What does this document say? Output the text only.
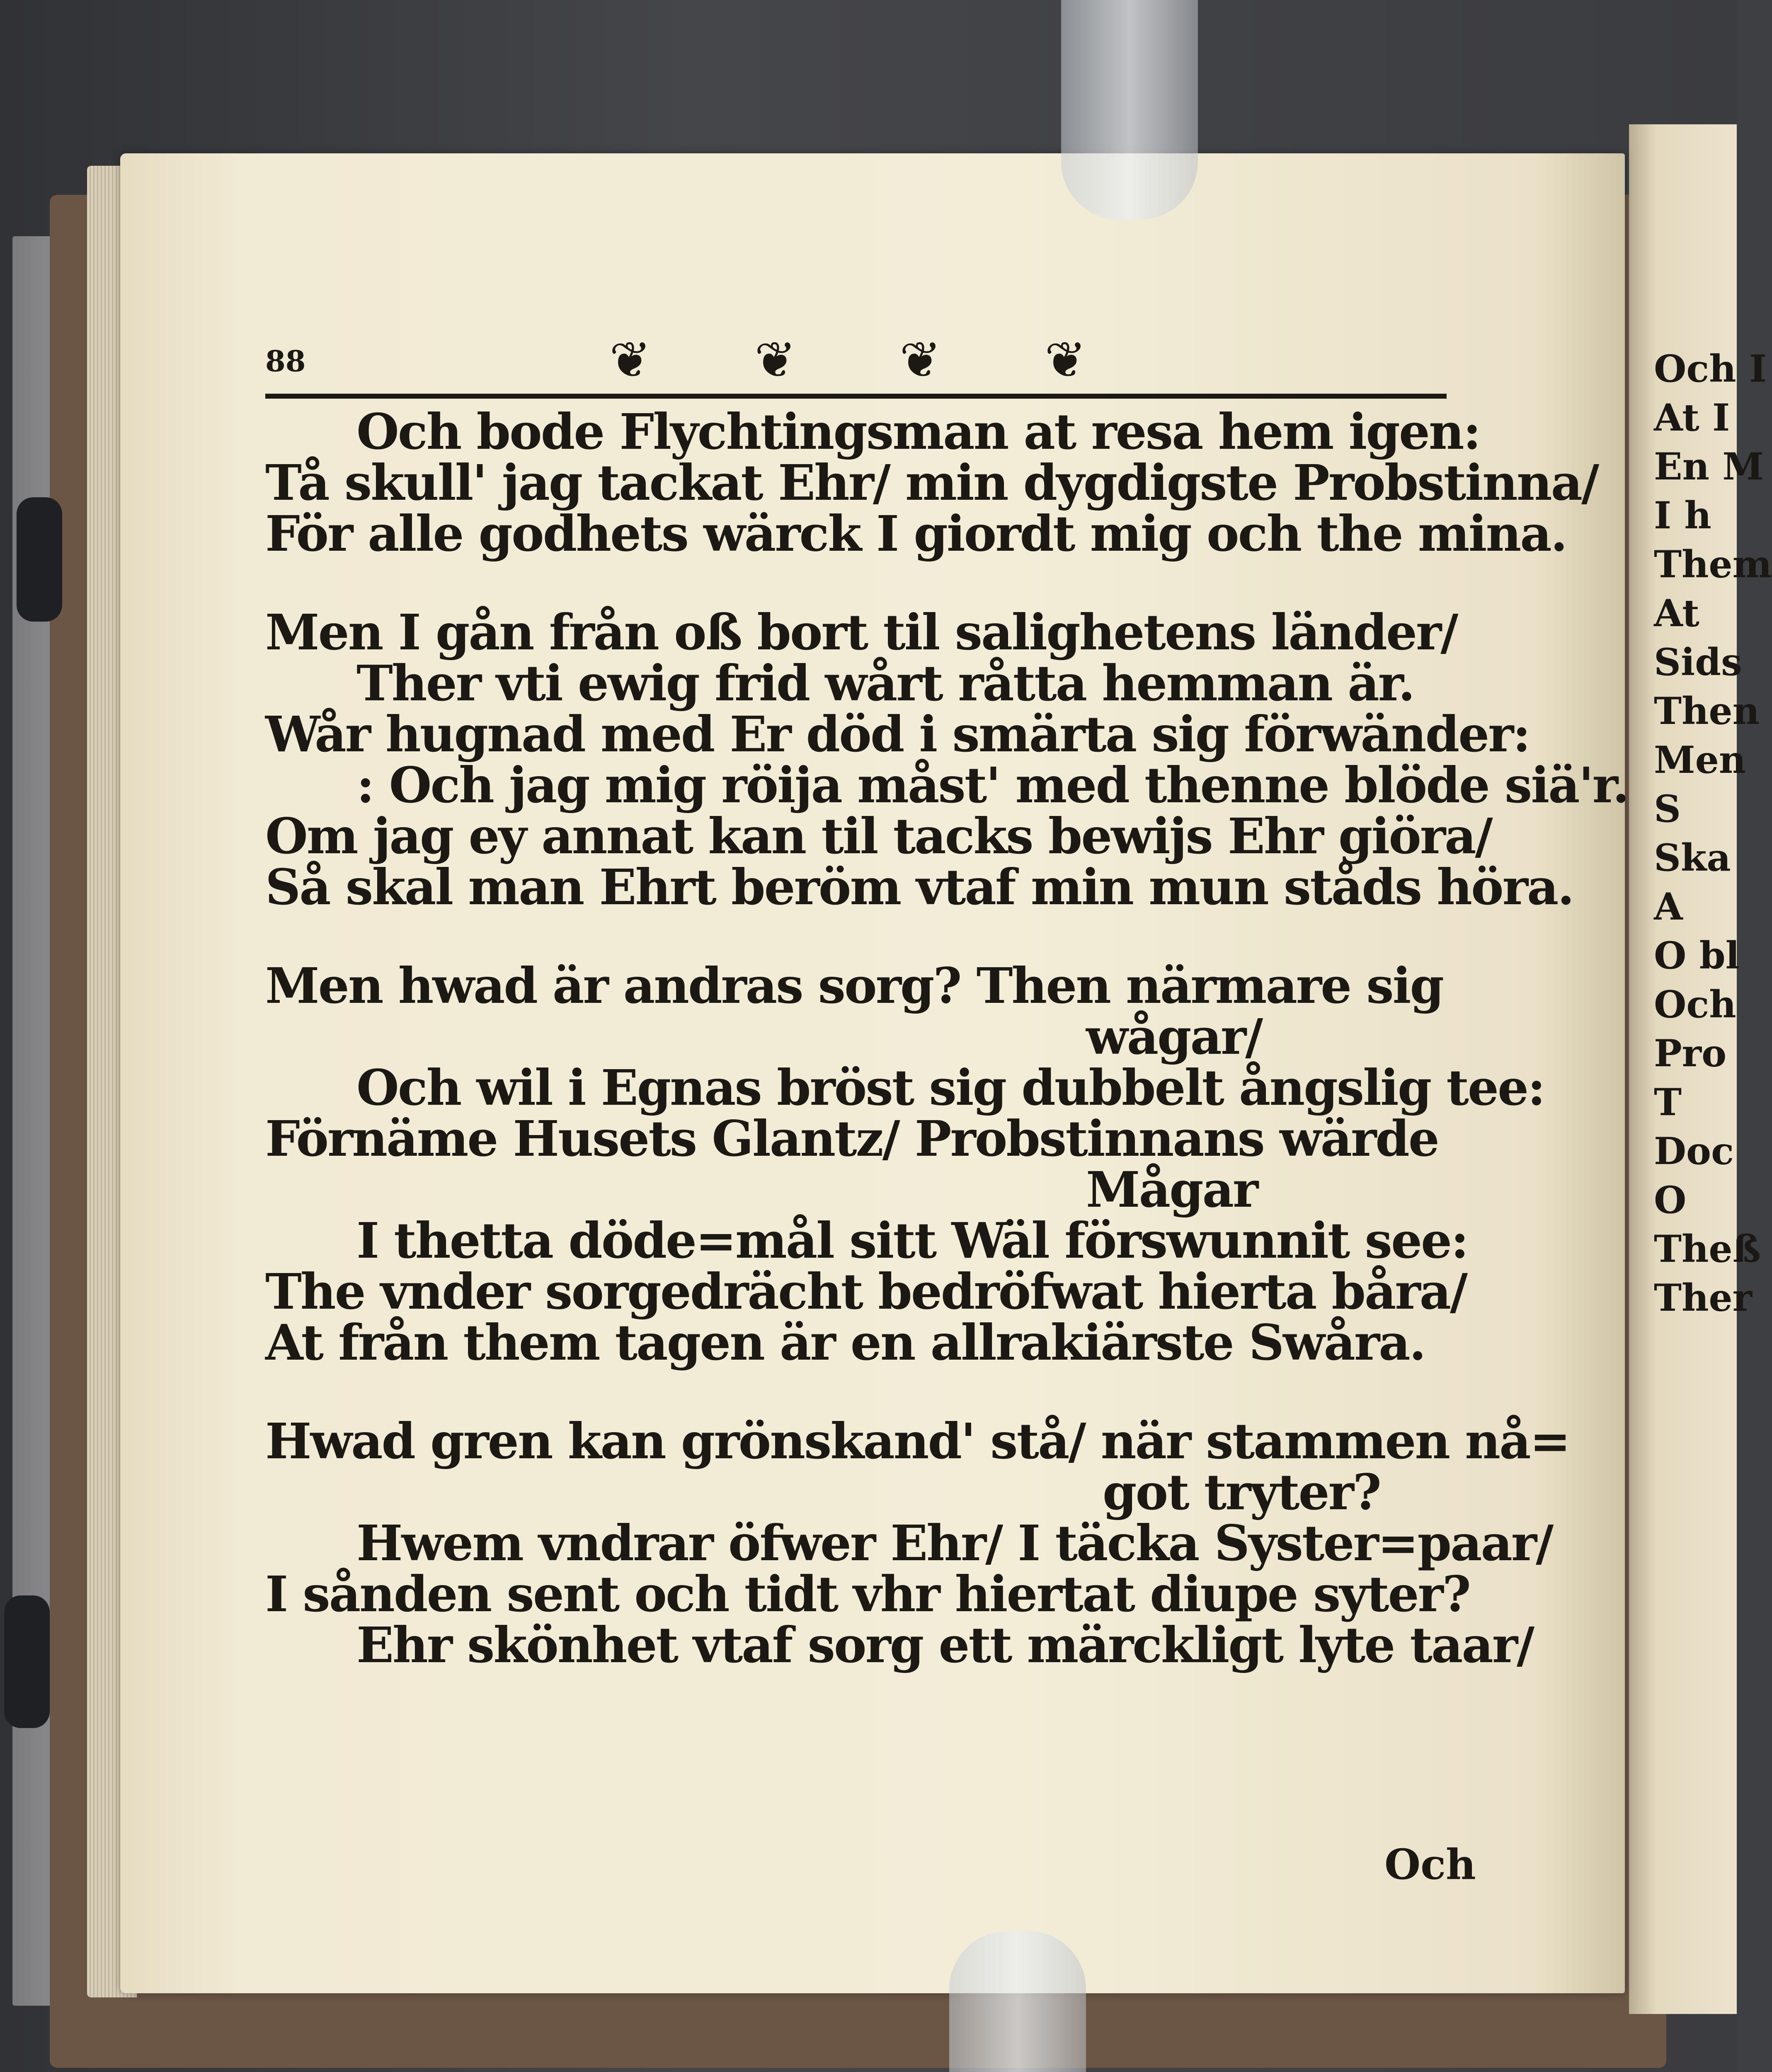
Och I
At I
En M
I h
Them
At
Sids
Then
Men
S
Ska
A
O bl
Och
Pro
T
Doc
O
Theß
Ther
88	❦ ❦ ❦ ❦
Och bode Flychtingsman at resa hem igen:
Tå skull' jag tackat Ehr/ min dygdigste Probstinna/
För alle godhets wärck I giordt mig och the mina.
Men I gån från oß bort til salighetens länder/
Ther vti ewig frid wårt råtta hemman är.
Wår hugnad med Er död i smärta sig förwänder:
: Och jag mig röija måst' med thenne blöde siä'r.
Om jag ey annat kan til tacks bewijs Ehr giöra/
Så skal man Ehrt beröm vtaf min mun ståds höra.
Men hwad är andras sorg? Then närmare sig
wågar/
Och wil i Egnas bröst sig dubbelt ångslig tee:
Förnäme Husets Glantz/ Probstinnans wärde
Mågar
I thetta döde=mål sitt Wäl förswunnit see:
The vnder sorgedrächt bedröfwat hierta båra/
At från them tagen är en allrakiärste Swåra.
Hwad gren kan grönskand' stå/ när stammen nå=
got tryter?
Hwem vndrar öfwer Ehr/ I täcka Syster=paar/
I sånden sent och tidt vhr hiertat diupe syter?
Ehr skönhet vtaf sorg ett märckligt lyte taar/
Och
